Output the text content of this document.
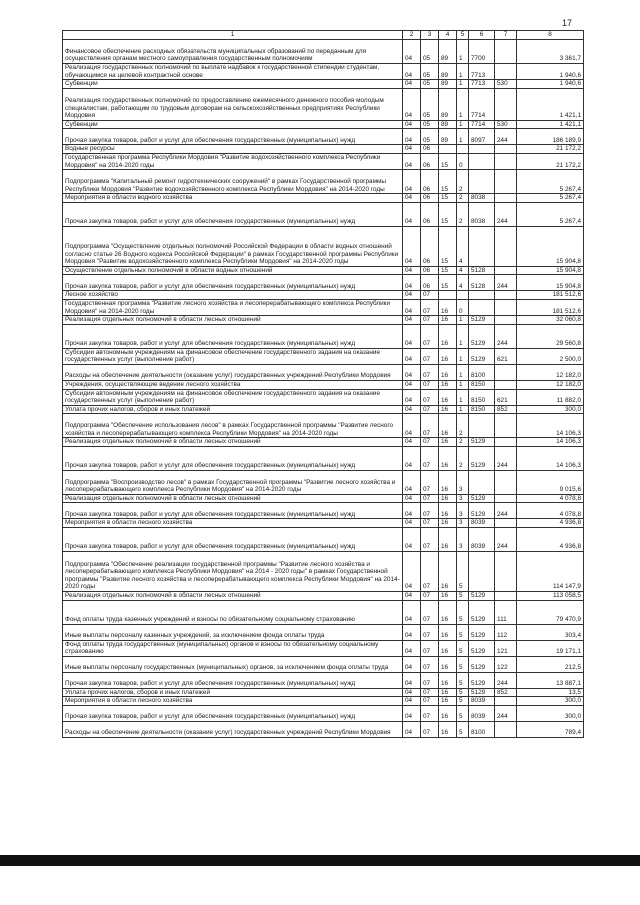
17
1	2	3	4	5	6	7	8
Финансовое обеспечение расходных обязательств муниципальных образований по переданным для осуществления органам местного самоуправления государственным полномочиям	04	05	89	1	7700		3 361,7
Реализация государственных полномочий по выплате надбавок к государственной стипендии студентам, обучающимся на целевой контрактной основе	04	05	89	1	7713		1 940,6
Субвенции	04	05	89	1	7713	530	1 940,6
Реализация государственных полномочий по предоставлению ежемесячного денежного пособия молодым специалистам, работающим по трудовым договорам на сельскохозяйственных предприятиях Республики Мордовия	04	05	89	1	7714		1 421,1
Субвенции	04	05	89	1	7714	530	1 421,1
Прочая закупка товаров, работ и услуг для обеспечения государственных (муниципальных) нужд	04	05	89	1	8097	244	186 189,9
Водные ресурсы	04	06					21 172,2
Государственная программа Республики Мордовия "Развитие водохозяйственного комплекса Республики Мордовия" на 2014-2020 годы	04	06	15	0			21 172,2
Подпрограмма "Капитальный ремонт гидротехнических сооружений" в рамках Государственной программы Республики Мордовия "Развитие водохозяйственного комплекса Республики Мордовия" на 2014-2020 годы	04	06	15	2			5 267,4
Мероприятия в области водного хозяйства	04	06	15	2	8038		5 267,4
Прочая закупка товаров, работ и услуг для обеспечения государственных (муниципальных) нужд	04	06	15	2	8038	244	5 267,4
Подпрограмма "Осуществление отдельных полномочий Российской Федерации в области водных отношений согласно статье 26 Водного кодекса Российской Федерации" в рамках Государственной программы Республики Мордовия "Развитие водохозяйственного комплекса Республики Мордовия" на 2014-2020 годы	04	06	15	4			15 904,8
Осуществление отдельных полномочий в области водных отношений	04	06	15	4	5128		15 904,8
Прочая закупка товаров, работ и услуг для обеспечения государственных (муниципальных) нужд	04	06	15	4	5128	244	15 904,8
Лесное хозяйство	04	07					181 512,6
Государственная программа "Развитие лесного хозяйства и лесоперерабатывающего комплекса Республики Мордовия" на 2014-2020 годы	04	07	16	0			181 512,6
Реализация отдельных полномочий в области лесных отношений	04	07	16	1	5129		32 060,8
Прочая закупка товаров, работ и услуг для обеспечения государственных (муниципальных) нужд	04	07	16	1	5129	244	29 560,8
Субсидии автономным учреждениям на финансовое обеспечение государственного задания на оказание государственных услуг (выполнение работ)	04	07	16	1	5129	621	2 500,0
Расходы на обеспечение деятельности (оказание услуг) государственных учреждений Республики Мордовия	04	07	16	1	8100		12 182,0
Учреждения, осуществляющие ведение лесного хозяйства	04	07	16	1	8150		12 182,0
Субсидии автономным учреждениям на финансовое обеспечение государственного задания на оказание государственных услуг (выполнение работ)	04	07	16	1	8150	621	11 882,0
Уплата прочих налогов, сборов и иных платежей	04	07	16	1	8150	852	300,0
Подпрограмма "Обеспечение использования лесов" в рамках Государственной программы "Развитие лесного хозяйства и лесоперерабатывающего комплекса Республики Мордовия" на 2014-2020 годы	04	07	16	2			14 106,3
Реализация отдельных полномочий в области лесных отношений	04	07	16	2	5129		14 106,3
Прочая закупка товаров, работ и услуг для обеспечения государственных (муниципальных) нужд	04	07	16	2	5129	244	14 106,3
Подпрограмма "Воспроизводство лесов" в рамках Государственной программы "Развитие лесного хозяйства и лесоперерабатывающего комплекса Республики Мордовия" на 2014-2020 годы	04	07	16	3			9 015,6
Реализация отдельных полномочий в области лесных отношений	04	07	16	3	5129		4 078,8
Прочая закупка товаров, работ и услуг для обеспечения государственных (муниципальных) нужд	04	07	16	3	5129	244	4 078,8
Мероприятия в области лесного хозяйства	04	07	16	3	8039		4 936,8
Прочая закупка товаров, работ и услуг для обеспечения государственных (муниципальных) нужд	04	07	16	3	8039	244	4 936,8
Подпрограмма "Обеспечение реализации государственной программы "Развитие лесного хозяйства и лесоперерабатывающего комплекса Республики Мордовия" на 2014 - 2020 годы" в рамках Государственной программы "Развитие лесного хозяйства и лесоперерабатывающего комплекса Республики Мордовия" на 2014-2020 годы	04	07	16	5			114 147,9
Реализация отдельных полномочий в области лесных отношений	04	07	16	5	5129		113 058,5
Фонд оплаты труда казенных учреждений и взносы по обязательному социальному страхованию	04	07	16	5	5129	111	79 470,9
Иные выплаты персоналу казенных учреждений, за исключением фонда оплаты труда	04	07	16	5	5129	112	303,4
Фонд оплаты труда государственных (муниципальных) органов и взносы по обязательному социальному страхованию	04	07	16	5	5129	121	19 171,1
Иные выплаты персоналу государственных (муниципальных) органов, за исключением фонда оплаты труда	04	07	16	5	5129	122	212,5
Прочая закупка товаров, работ и услуг для обеспечения государственных (муниципальных) нужд	04	07	16	5	5129	244	13 887,1
Уплата прочих налогов, сборов и иных платежей	04	07	16	5	5129	852	13,5
Мероприятия в области лесного хозяйства	04	07	16	5	8039		300,0
Прочая закупка товаров, работ и услуг для обеспечения государственных (муниципальных) нужд	04	07	16	5	8039	244	300,0
Расходы на обеспечение деятельности (оказание услуг) государственных учреждений Республики Мордовия	04	07	16	5	8100		789,4
